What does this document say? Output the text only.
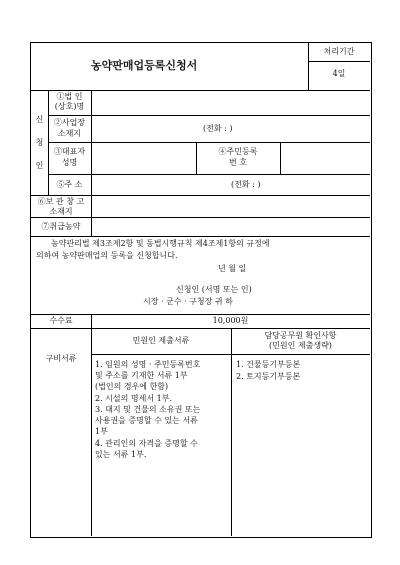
농약판매업등록신청서
처리기간
4일
신
청
인
①법 인
(상호)명
②사업장
소재지
(전화 : )
③대표자
성명
④주민등록
번 호
⑤주 소	(전화 : )
⑥보 관 창 고
소재지
⑦취급농약
농약관리법 제3조제2항 및 동법시행규칙 제4조제1항의 규정에
의하여 농약판매업의 등록을 신청합니다.
년 월 일
신청인 (서명 또는 인)
시장 · 군수 · 구청장 귀 하
수수료	10,000원
구비서류
민원인 제출서류
담당공무원 확인사항
(민원인 제출생략)
1. 임원의 성명 · 주민등록번호
및 주소를 기재한 서류 1부
(법인의 경우에 한함)
2. 시설의 명세서 1부.
3. 대지 및 건물의 소유권 또는
사용권을 증명할 수 있는 서류
1부
4. 관리인의 자격을 증명할 수
있는 서류 1부.
1. 건물등기부등본
2. 토지등기부등본
